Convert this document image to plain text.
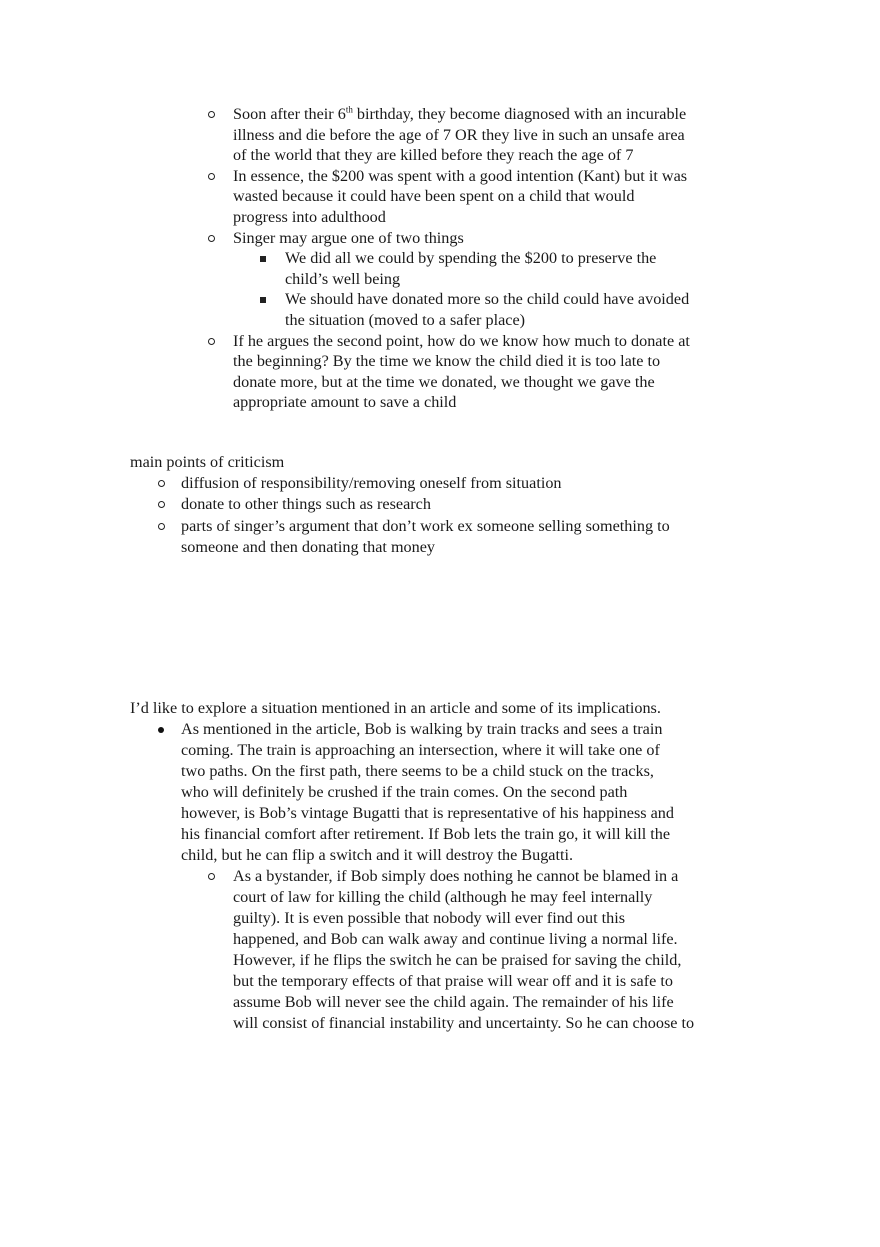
Soon after their 6th birthday, they become diagnosed with an incurable
illness and die before the age of 7 OR they live in such an unsafe area
of the world that they are killed before they reach the age of 7
In essence, the $200 was spent with a good intention (Kant) but it was
wasted because it could have been spent on a child that would
progress into adulthood
Singer may argue one of two things
We did all we could by spending the $200 to preserve the
child’s well being
We should have donated more so the child could have avoided
the situation (moved to a safer place)
If he argues the second point, how do we know how much to donate at
the beginning? By the time we know the child died it is too late to
donate more, but at the time we donated, we thought we gave the
appropriate amount to save a child
main points of criticism
diffusion of responsibility/removing oneself from situation
donate to other things such as research
parts of singer’s argument that don’t work ex someone selling something to
someone and then donating that money
I’d like to explore a situation mentioned in an article and some of its implications.
As mentioned in the article, Bob is walking by train tracks and sees a train
coming. The train is approaching an intersection, where it will take one of
two paths. On the first path, there seems to be a child stuck on the tracks,
who will definitely be crushed if the train comes. On the second path
however, is Bob’s vintage Bugatti that is representative of his happiness and
his financial comfort after retirement. If Bob lets the train go, it will kill the
child, but he can flip a switch and it will destroy the Bugatti.
As a bystander, if Bob simply does nothing he cannot be blamed in a
court of law for killing the child (although he may feel internally
guilty). It is even possible that nobody will ever find out this
happened, and Bob can walk away and continue living a normal life.
However, if he flips the switch he can be praised for saving the child,
but the temporary effects of that praise will wear off and it is safe to
assume Bob will never see the child again. The remainder of his life
will consist of financial instability and uncertainty. So he can choose to
